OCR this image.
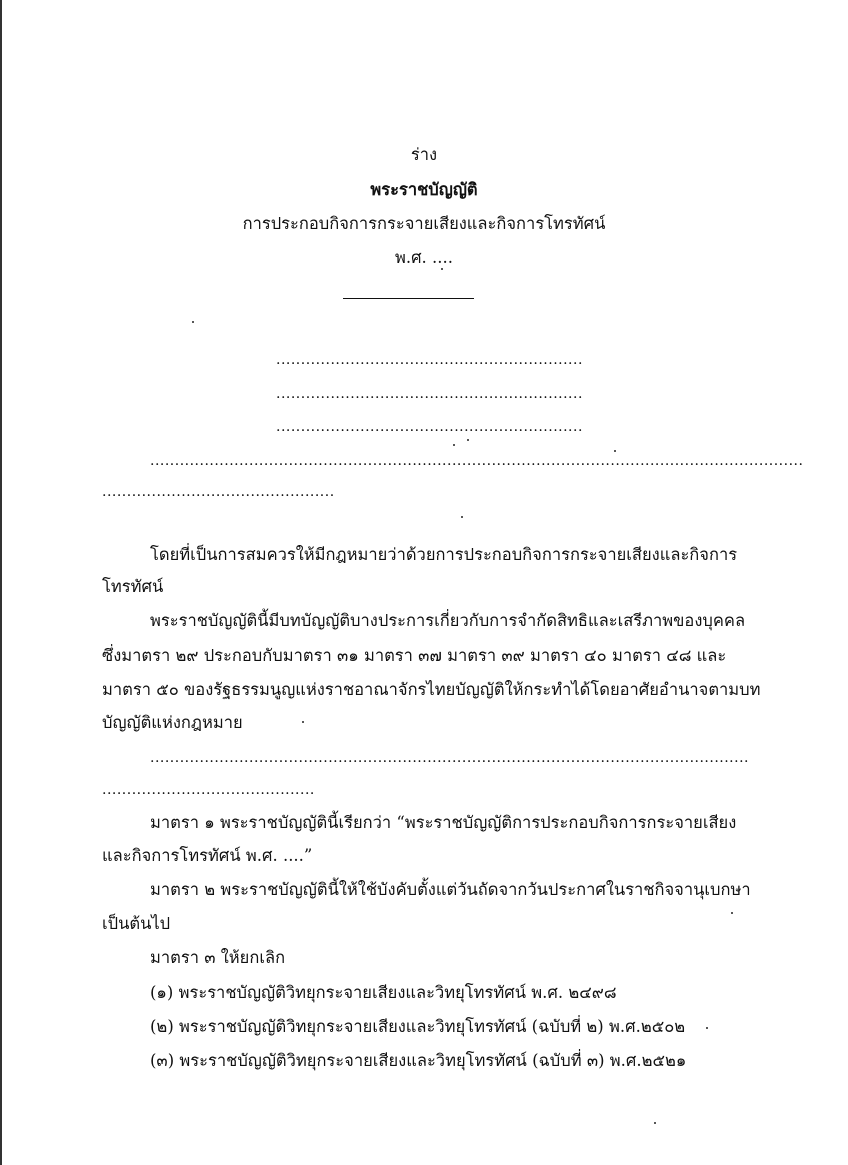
ร่าง
พระราชบัญญัติ
การประกอบกิจการกระจายเสียงและกิจการโทรทัศน์
พ.ศ. ....
..............................................................
..............................................................
..............................................................
....................................................................................................................................
...............................................
โดยที่เป็นการสมควรให้มีกฎหมายว่าด้วยการประกอบกิจการกระจายเสียงและกิจการ
โทรทัศน์
พระราชบัญญัตินี้มีบทบัญญัติบางประการเกี่ยวกับการจำกัดสิทธิและเสรีภาพของบุคคล
ซึ่งมาตรา ๒๙ ประกอบกับมาตรา ๓๑ มาตรา ๓๗ มาตรา ๓๙ มาตรา ๔๐ มาตรา ๔๘ และ
มาตรา ๕๐ ของรัฐธรรมนูญแห่งราชอาณาจักรไทยบัญญัติให้กระทำได้โดยอาศัยอำนาจตามบท
บัญญัติแห่งกฎหมาย
.........................................................................................................................
...........................................
มาตรา ๑ พระราชบัญญัตินี้เรียกว่า “พระราชบัญญัติการประกอบกิจการกระจายเสียง
และกิจการโทรทัศน์ พ.ศ. ....”
มาตรา ๒ พระราชบัญญัตินี้ให้ใช้บังคับตั้งแต่วันถัดจากวันประกาศในราชกิจจานุเบกษา
เป็นต้นไป
มาตรา ๓ ให้ยกเลิก
(๑) พระราชบัญญัติวิทยุกระจายเสียงและวิทยุโทรทัศน์ พ.ศ. ๒๔๙๘
(๒) พระราชบัญญัติวิทยุกระจายเสียงและวิทยุโทรทัศน์ (ฉบับที่ ๒) พ.ศ.๒๕๐๒
(๓) พระราชบัญญัติวิทยุกระจายเสียงและวิทยุโทรทัศน์ (ฉบับที่ ๓) พ.ศ.๒๕๒๑
